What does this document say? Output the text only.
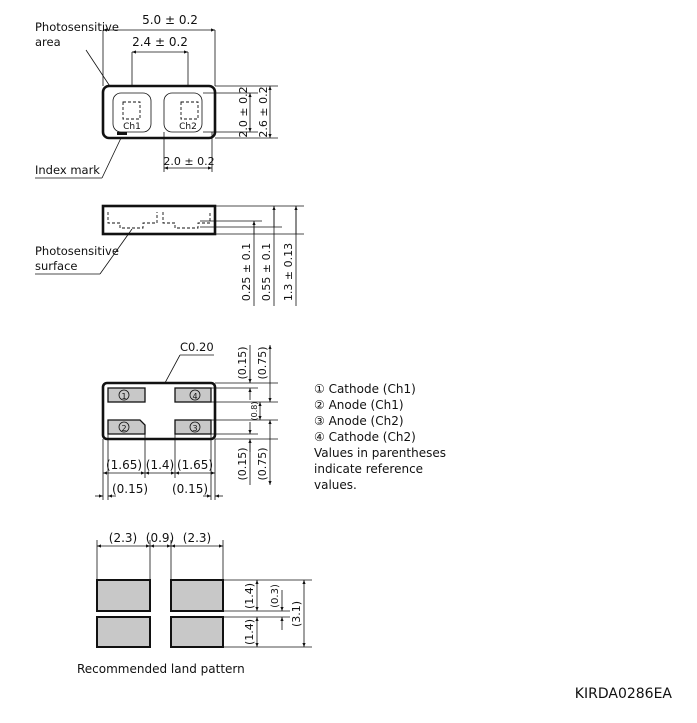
5.0 ± 0.2
2.4 ± 0.2
Photosensitive
area
Ch1	Ch2	2.0 ± 0.2 2.6 ± 0.2
2.0 ± 0.2
Index mark
0.25 ± 0.1 0.55 ± 0.1 1.3 ± 0.13
Photosensitive
surface
C0.20
1
2	3
4
(0.15) (0.75)
(0.8)
(0.15) (0.75)
(1.65) (1.4) (1.65)
(0.15) (0.15)
① Cathode (Ch1)
② Anode (Ch1)
③ Anode (Ch2)
④ Cathode (Ch2)
Values in parentheses
indicate reference
values.
(2.3) (0.9) (2.3)
(1.4) (0.3)
(3.1)
(1.4)
Recommended land pattern
KIRDA0286EA
